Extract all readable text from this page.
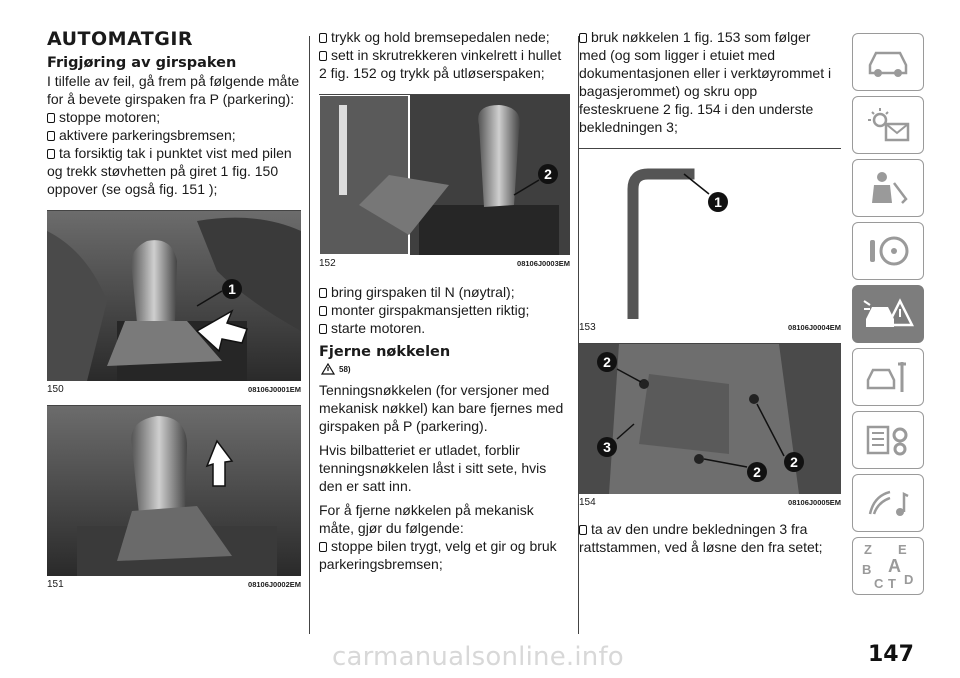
AUTOMATGIR
Frigjøring av girspaken

I tilfelle av feil, gå frem på følgende måte for å bevete girspaken fra P (parkering):

stoppe motoren;

aktivere parkeringsbremsen;

ta forsiktig tak i punktet vist med pilen og trekk støvhetten på giret 1 fig. 150 oppover (se også fig. 151 );

1
150	08106J0001EM
151	08106J0002EM

trykk og hold bremsepedalen nede;

sett in skrutrekkeren vinkelrett i hullet 2 fig. 152 og trykk på utløserspaken;

2
152	08106J0003EM

bring girspaken til N (nøytral);

monter girspakmansjetten riktig;

starte motoren.

Fjerne nøkkelen
58)

Tenningsnøkkelen (for versjoner med mekanisk nøkkel) kan bare fjernes med girspaken på P (parkering).

Hvis bilbatteriet er utladet, forblir tenningsnøkkelen låst i sitt sete, hvis den er satt inn.

For å fjerne nøkkelen på mekanisk måte, gjør du følgende:

stoppe bilen trygt, velg et gir og bruk parkeringsbremsen;

bruk nøkkelen 1 fig. 153 som følger med (og som ligger i etuiet med dokumentasjonen eller i verktøyrommet i bagasjerommet) og skru opp festeskruene 2 fig. 154 i den underste bekledningen 3;

1
153	08106J0004EM
2
3
2
2
154	08106J0005EM

ta av den undre bekledningen 3 fra rattstammen, ved å løsne den fra setet;	Z E
B A
C T D
carmanualsonline.info	147
